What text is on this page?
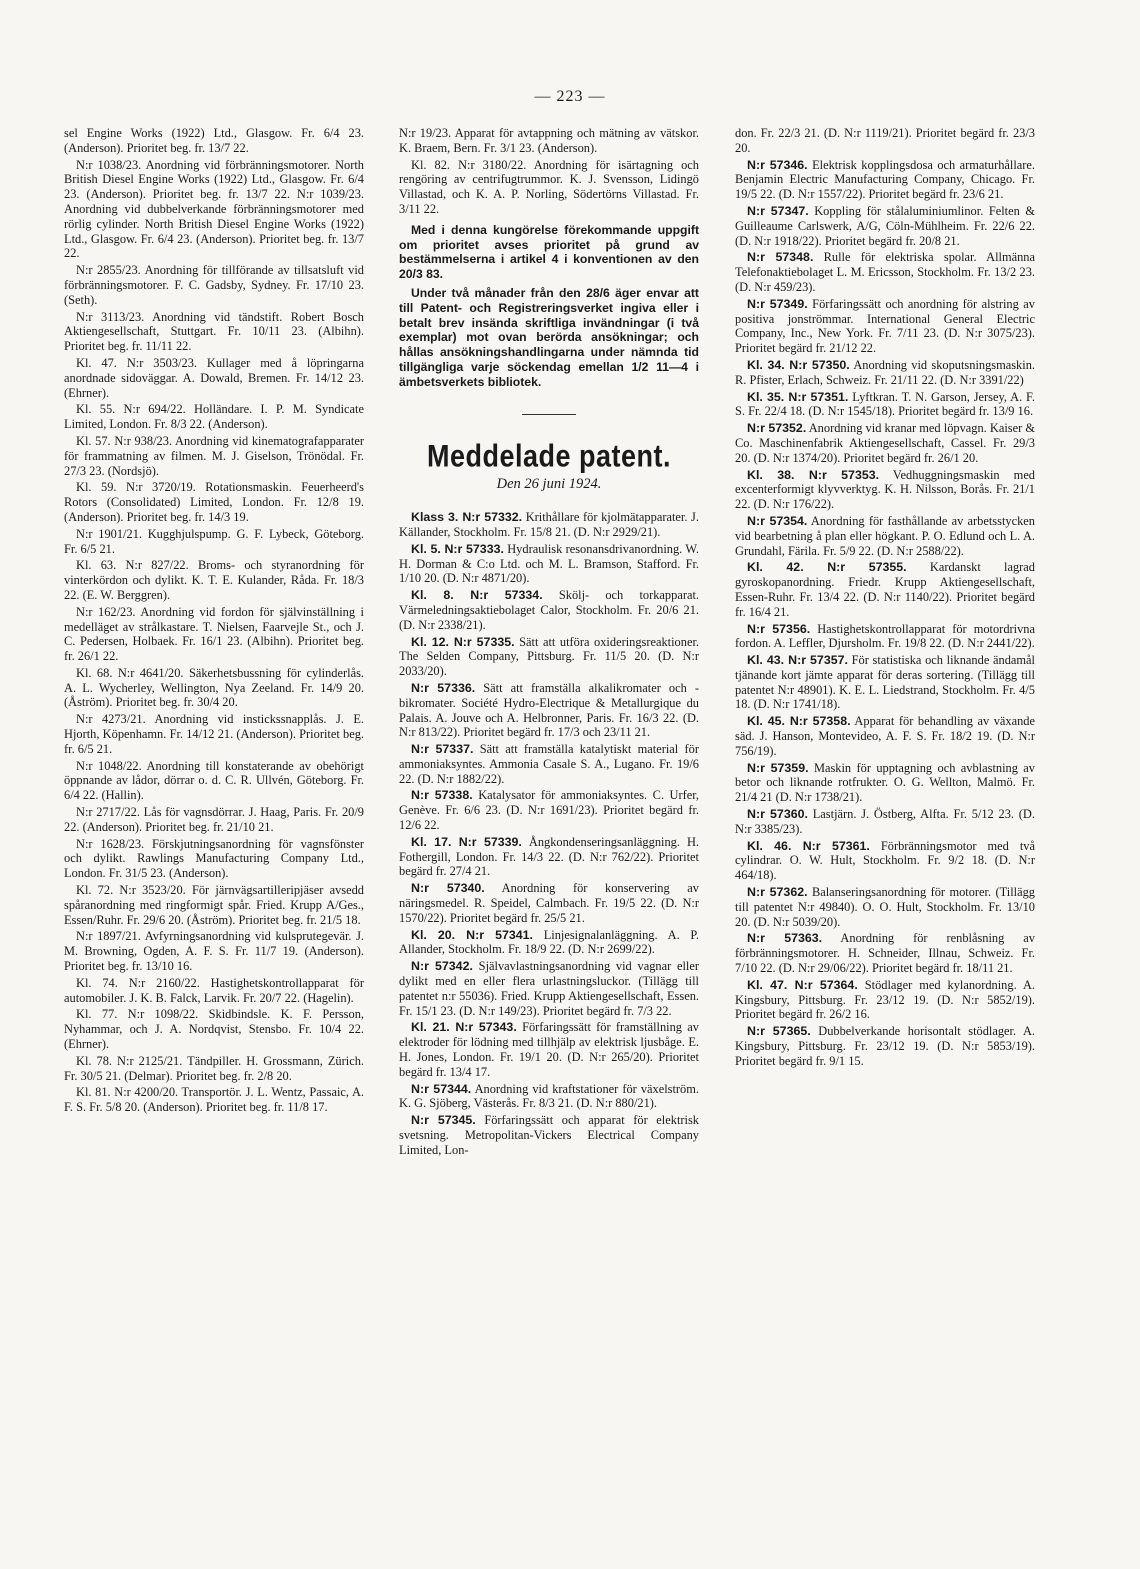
— 223 —

sel Engine Works (1922) Ltd., Glasgow. Fr. 6/4 23. (Anderson). Prioritet beg. fr. 13/7 22.

N:r 1038/23. Anordning vid förbränningsmotorer. North British Diesel Engine Works (1922) Ltd., Glasgow. Fr. 6/4 23. (Anderson). Prioritet beg. fr. 13/7 22. N:r 1039/23. Anordning vid dubbelverkande förbränningsmotorer med rörlig cylinder. North British Diesel Engine Works (1922) Ltd., Glasgow. Fr. 6/4 23. (Anderson). Prioritet beg. fr. 13/7 22.

N:r 2855/23. Anordning för tillförande av tillsatsluft vid förbränningsmotorer. F. C. Gadsby, Sydney. Fr. 17/10 23. (Seth).

N:r 3113/23. Anordning vid tändstift. Robert Bosch Aktiengesellschaft, Stuttgart. Fr. 10/11 23. (Albihn). Prioritet beg. fr. 11/11 22.

Kl. 47. N:r 3503/23. Kullager med å löpringarna anordnade sidoväggar. A. Dowald, Bremen. Fr. 14/12 23. (Ehrner).

Kl. 55. N:r 694/22. Holländare. I. P. M. Syndicate Limited, London. Fr. 8/3 22. (Anderson).

Kl. 57. N:r 938/23. Anordning vid kinematografapparater för frammatning av filmen. M. J. Giselson, Trönödal. Fr. 27/3 23. (Nordsjö).

Kl. 59. N:r 3720/19. Rotationsmaskin. Feuerheerd's Rotors (Consolidated) Limited, London. Fr. 12/8 19. (Anderson). Prioritet beg. fr. 14/3 19.

N:r 1901/21. Kugghjulspump. G. F. Lybeck, Göteborg. Fr. 6/5 21.

Kl. 63. N:r 827/22. Broms- och styranordning för vinterkördon och dylikt. K. T. E. Kulander, Råda. Fr. 18/3 22. (E. W. Berggren).

N:r 162/23. Anordning vid fordon för självinställning i medelläget av strålkastare. T. Nielsen, Faarvejle St., och J. C. Pedersen, Holbaek. Fr. 16/1 23. (Albihn). Prioritet beg. fr. 26/1 22.

Kl. 68. N:r 4641/20. Säkerhetsbussning för cylinderlås. A. L. Wycherley, Wellington, Nya Zeeland. Fr. 14/9 20. (Åström). Prioritet beg. fr. 30/4 20.

N:r 4273/21. Anordning vid instickssnapplås. J. E. Hjorth, Köpenhamn. Fr. 14/12 21. (Anderson). Prioritet beg. fr. 6/5 21.

N:r 1048/22. Anordning till konstaterande av obehörigt öppnande av lådor, dörrar o. d. C. R. Ullvén, Göteborg. Fr. 6/4 22. (Hallin).

N:r 2717/22. Lås för vagnsdörrar. J. Haag, Paris. Fr. 20/9 22. (Anderson). Prioritet beg. fr. 21/10 21.

N:r 1628/23. Förskjutningsanordning för vagnsfönster och dylikt. Rawlings Manufacturing Company Ltd., London. Fr. 31/5 23. (Anderson).

Kl. 72. N:r 3523/20. För järnvägsartilleripjäser avsedd spåranordning med ringformigt spår. Fried. Krupp A/Ges., Essen/Ruhr. Fr. 29/6 20. (Åström). Prioritet beg. fr. 21/5 18.

N:r 1897/21. Avfyrningsanordning vid kulsprutegevär. J. M. Browning, Ogden, A. F. S. Fr. 11/7 19. (Anderson). Prioritet beg. fr. 13/10 16.

Kl. 74. N:r 2160/22. Hastighetskontrollapparat för automobiler. J. K. B. Falck, Larvik. Fr. 20/7 22. (Hagelin).

Kl. 77. N:r 1098/22. Skidbindsle. K. F. Persson, Nyhammar, och J. A. Nordqvist, Stensbo. Fr. 10/4 22. (Ehrner).

Kl. 78. N:r 2125/21. Tändpiller. H. Grossmann, Zürich. Fr. 30/5 21. (Delmar). Prioritet beg. fr. 2/8 20.

Kl. 81. N:r 4200/20. Transportör. J. L. Wentz, Passaic, A. F. S. Fr. 5/8 20. (Anderson). Prioritet beg. fr. 11/8 17.

N:r 19/23. Apparat för avtappning och mätning av vätskor. K. Braem, Bern. Fr. 3/1 23. (Anderson).

Kl. 82. N:r 3180/22. Anordning för isärtagning och rengöring av centrifugtrummor. K. J. Svensson, Lidingö Villastad, och K. A. P. Norling, Södertörns Villastad. Fr. 3/11 22.

Med i denna kungörelse förekommande uppgift om prioritet avses prioritet på grund av bestämmelserna i artikel 4 i konventionen av den 20/3 83.

Under två månader från den 28/6 äger envar att till Patent- och Registreringsverket ingiva eller i betalt brev insända skriftliga invändningar (i två exemplar) mot ovan berörda ansökningar; och hållas ansökningshandlingarna under nämnda tid tillgängliga varje söckendag emellan 1/2 11—4 i ämbetsverkets bibliotek.

Meddelade patent.
Den 26 juni 1924.

Klass 3. N:r 57332. Krithållare för kjolmätapparater. J. Källander, Stockholm. Fr. 15/8 21. (D. N:r 2929/21).

Kl. 5. N:r 57333. Hydraulisk resonansdrivanordning. W. H. Dorman & C:o Ltd. och M. L. Bramson, Stafford. Fr. 1/10 20. (D. N:r 4871/20).

Kl. 8. N:r 57334. Skölj- och torkapparat. Värmeledningsaktiebolaget Calor, Stockholm. Fr. 20/6 21. (D. N:r 2338/21).

Kl. 12. N:r 57335. Sätt att utföra oxideringsreaktioner. The Selden Company, Pittsburg. Fr. 11/5 20. (D. N:r 2033/20).

N:r 57336. Sätt att framställa alkalikromater och -bikromater. Société Hydro-Electrique & Metallurgique du Palais. A. Jouve och A. Helbronner, Paris. Fr. 16/3 22. (D. N:r 813/22). Prioritet begärd fr. 17/3 och 23/11 21.

N:r 57337. Sätt att framställa katalytiskt material för ammoniaksyntes. Ammonia Casale S. A., Lugano. Fr. 19/6 22. (D. N:r 1882/22).

N:r 57338. Katalysator för ammoniaksyntes. C. Urfer, Genève. Fr. 6/6 23. (D. N:r 1691/23). Prioritet begärd fr. 12/6 22.

Kl. 17. N:r 57339. Ångkondenseringsanläggning. H. Fothergill, London. Fr. 14/3 22. (D. N:r 762/22). Prioritet begärd fr. 27/4 21.

N:r 57340. Anordning för konservering av näringsmedel. R. Speidel, Calmbach. Fr. 19/5 22. (D. N:r 1570/22). Prioritet begärd fr. 25/5 21.

Kl. 20. N:r 57341. Linjesignalanläggning. A. P. Allander, Stockholm. Fr. 18/9 22. (D. N:r 2699/22).

N:r 57342. Självavlastningsanordning vid vagnar eller dylikt med en eller flera urlastningsluckor. (Tillägg till patentet n:r 55036). Fried. Krupp Aktiengesellschaft, Essen. Fr. 15/1 23. (D. N:r 149/23). Prioritet begärd fr. 7/3 22.

Kl. 21. N:r 57343. Förfaringssätt för framställning av elektroder för lödning med tillhjälp av elektrisk ljusbåge. E. H. Jones, London. Fr. 19/1 20. (D. N:r 265/20). Prioritet begärd fr. 13/4 17.

N:r 57344. Anordning vid kraftstationer för växelström. K. G. Sjöberg, Västerås. Fr. 8/3 21. (D. N:r 880/21).

N:r 57345. Förfaringssätt och apparat för elektrisk svetsning. Metropolitan-Vickers Electrical Company Limited, Lon-

don. Fr. 22/3 21. (D. N:r 1119/21). Prioritet begärd fr. 23/3 20.

N:r 57346. Elektrisk kopplingsdosa och armaturhållare. Benjamin Electric Manufacturing Company, Chicago. Fr. 19/5 22. (D. N:r 1557/22). Prioritet begärd fr. 23/6 21.

N:r 57347. Koppling för stålaluminiumlinor. Felten & Guilleaume Carlswerk, A/G, Cöln-Mühlheim. Fr. 22/6 22. (D. N:r 1918/22). Prioritet begärd fr. 20/8 21.

N:r 57348. Rulle för elektriska spolar. Allmänna Telefonaktiebolaget L. M. Ericsson, Stockholm. Fr. 13/2 23. (D. N:r 459/23).

N:r 57349. Förfaringssätt och anordning för alstring av positiva jonströmmar. International General Electric Company, Inc., New York. Fr. 7/11 23. (D. N:r 3075/23). Prioritet begärd fr. 21/12 22.

Kl. 34. N:r 57350. Anordning vid skoputsningsmaskin. R. Pfister, Erlach, Schweiz. Fr. 21/11 22. (D. N:r 3391/22)

Kl. 35. N:r 57351. Lyftkran. T. N. Garson, Jersey, A. F. S. Fr. 22/4 18. (D. N:r 1545/18). Prioritet begärd fr. 13/9 16.

N:r 57352. Anordning vid kranar med löpvagn. Kaiser & Co. Maschinenfabrik Aktiengesellschaft, Cassel. Fr. 29/3 20. (D. N:r 1374/20). Prioritet begärd fr. 26/1 20.

Kl. 38. N:r 57353. Vedhuggningsmaskin med excenterformigt klyvverktyg. K. H. Nilsson, Borås. Fr. 21/1 22. (D. N:r 176/22).

N:r 57354. Anordning för fasthållande av arbetsstycken vid bearbetning å plan eller högkant. P. O. Edlund och L. A. Grundahl, Färila. Fr. 5/9 22. (D. N:r 2588/22).

Kl. 42. N:r 57355. Kardanskt lagrad gyroskopanordning. Friedr. Krupp Aktiengesellschaft, Essen-Ruhr. Fr. 13/4 22. (D. N:r 1140/22). Prioritet begärd fr. 16/4 21.

N:r 57356. Hastighetskontrollapparat för motordrivna fordon. A. Leffler, Djursholm. Fr. 19/8 22. (D. N:r 2441/22).

Kl. 43. N:r 57357. För statistiska och liknande ändamål tjänande kort jämte apparat för deras sortering. (Tillägg till patentet N:r 48901). K. E. L. Liedstrand, Stockholm. Fr. 4/5 18. (D. N:r 1741/18).

Kl. 45. N:r 57358. Apparat för behandling av växande säd. J. Hanson, Montevideo, A. F. S. Fr. 18/2 19. (D. N:r 756/19).

N:r 57359. Maskin för upptagning och avblastning av betor och liknande rotfrukter. O. G. Wellton, Malmö. Fr. 21/4 21 (D. N:r 1738/21).

N:r 57360. Lastjärn. J. Östberg, Alfta. Fr. 5/12 23. (D. N:r 3385/23).

Kl. 46. N:r 57361. Förbränningsmotor med två cylindrar. O. W. Hult, Stockholm. Fr. 9/2 18. (D. N:r 464/18).

N:r 57362. Balanseringsanordning för motorer. (Tillägg till patentet N:r 49840). O. O. Hult, Stockholm. Fr. 13/10 20. (D. N:r 5039/20).

N:r 57363. Anordning för renblåsning av förbränningsmotorer. H. Schneider, Illnau, Schweiz. Fr. 7/10 22. (D. N:r 29/06/22). Prioritet begärd fr. 18/11 21.

Kl. 47. N:r 57364. Stödlager med kylanordning. A. Kingsbury, Pittsburg. Fr. 23/12 19. (D. N:r 5852/19). Prioritet begärd fr. 26/2 16.

N:r 57365. Dubbelverkande horisontalt stödlager. A. Kingsbury, Pittsburg. Fr. 23/12 19. (D. N:r 5853/19). Prioritet begärd fr. 9/1 15.
